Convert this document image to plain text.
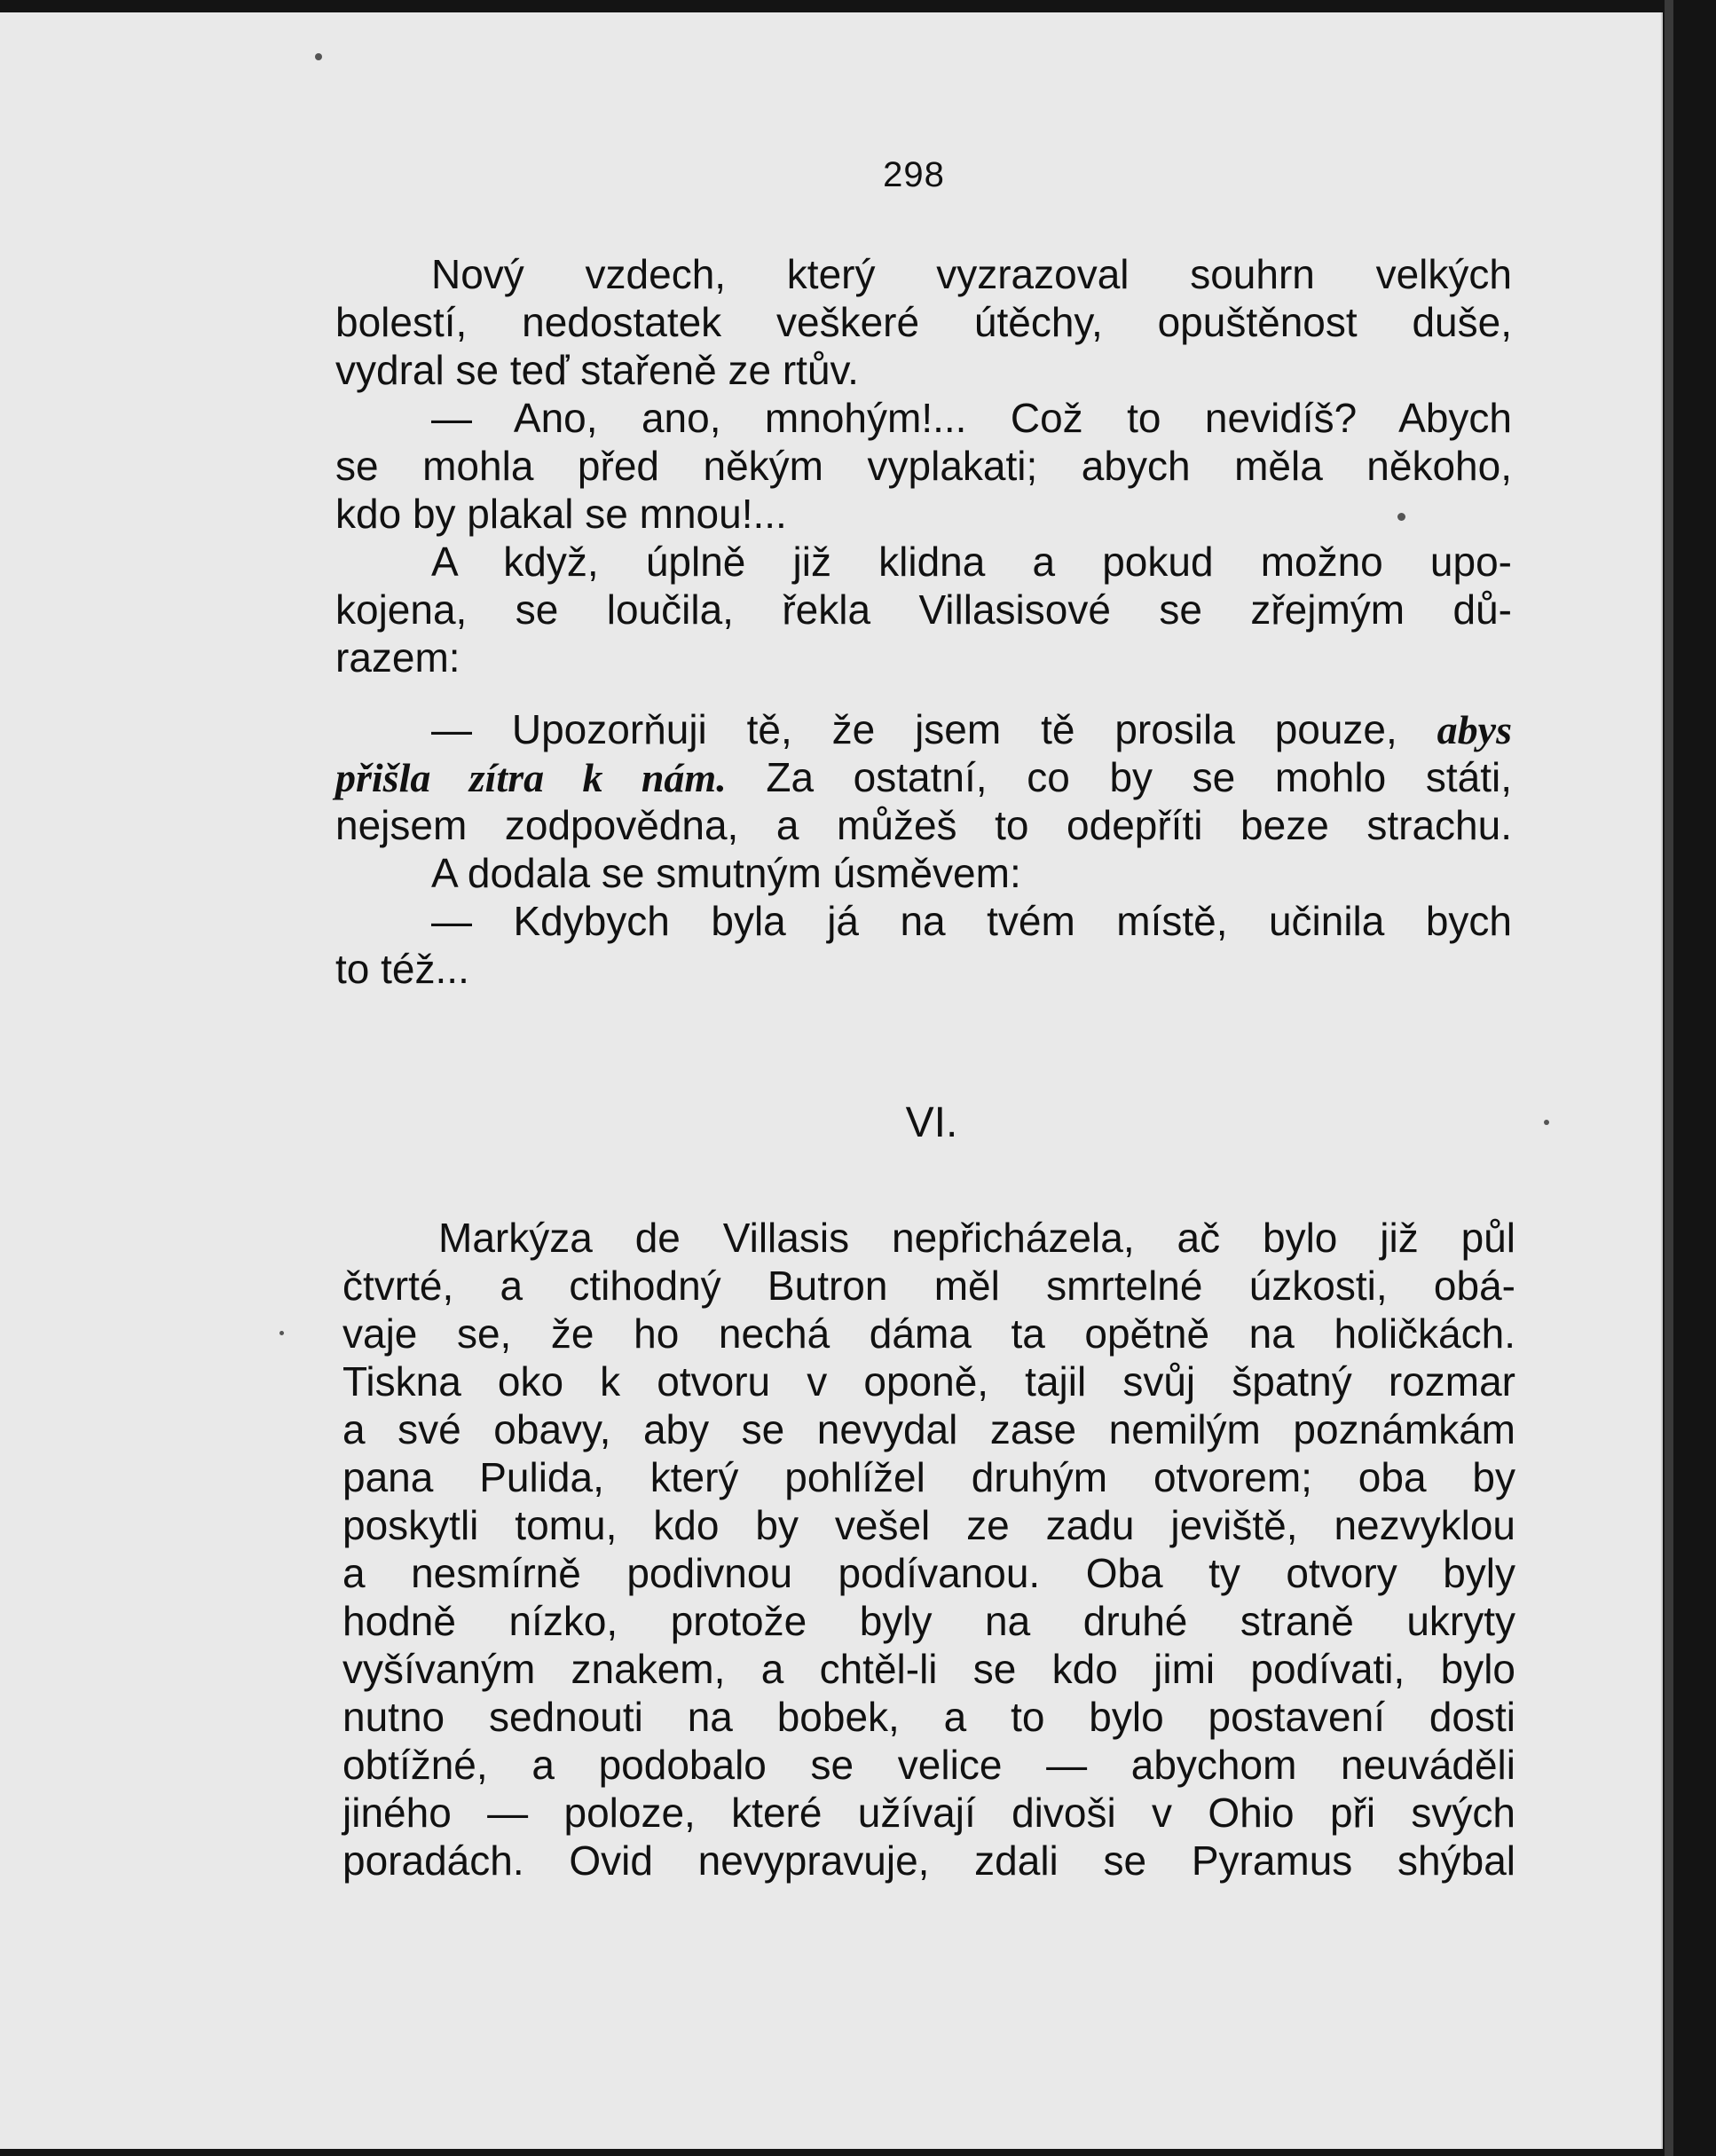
298
Nový vzdech, který vyzrazoval souhrn velkých
bolestí, nedostatek veškeré útěchy, opuštěnost duše,
vydral se teď stařeně ze rtův.
— Ano, ano, mnohým!... Což to nevidíš? Abych
se mohla před někým vyplakati; abych měla někoho,
kdo by plakal se mnou!...
A když, úplně již klidna a pokud možno upo-
kojena, se loučila, řekla Villasisové se zřejmým dů-
razem:
— Upozorňuji tě, že jsem tě prosila pouze, abys
přišla zítra k nám. Za ostatní, co by se mohlo státi,
nejsem zodpovědna, a můžeš to odepříti beze strachu.
A dodala se smutným úsměvem:
— Kdybych byla já na tvém místě, učinila bych
to též...
VI.
Markýza de Villasis nepřicházela, ač bylo již půl
čtvrté, a ctihodný Butron měl smrtelné úzkosti, obá-
vaje se, že ho nechá dáma ta opětně na holičkách.
Tiskna oko k otvoru v oponě, tajil svůj špatný rozmar
a své obavy, aby se nevydal zase nemilým poznámkám
pana Pulida, který pohlížel druhým otvorem; oba by
poskytli tomu, kdo by vešel ze zadu jeviště, nezvyklou
a nesmírně podivnou podívanou. Oba ty otvory byly
hodně nízko, protože byly na druhé straně ukryty
vyšívaným znakem, a chtěl-li se kdo jimi podívati, bylo
nutno sednouti na bobek, a to bylo postavení dosti
obtížné, a podobalo se velice — abychom neuváděli
jiného — poloze, které užívají divoši v Ohio při svých
poradách. Ovid nevypravuje, zdali se Pyramus shýbal
